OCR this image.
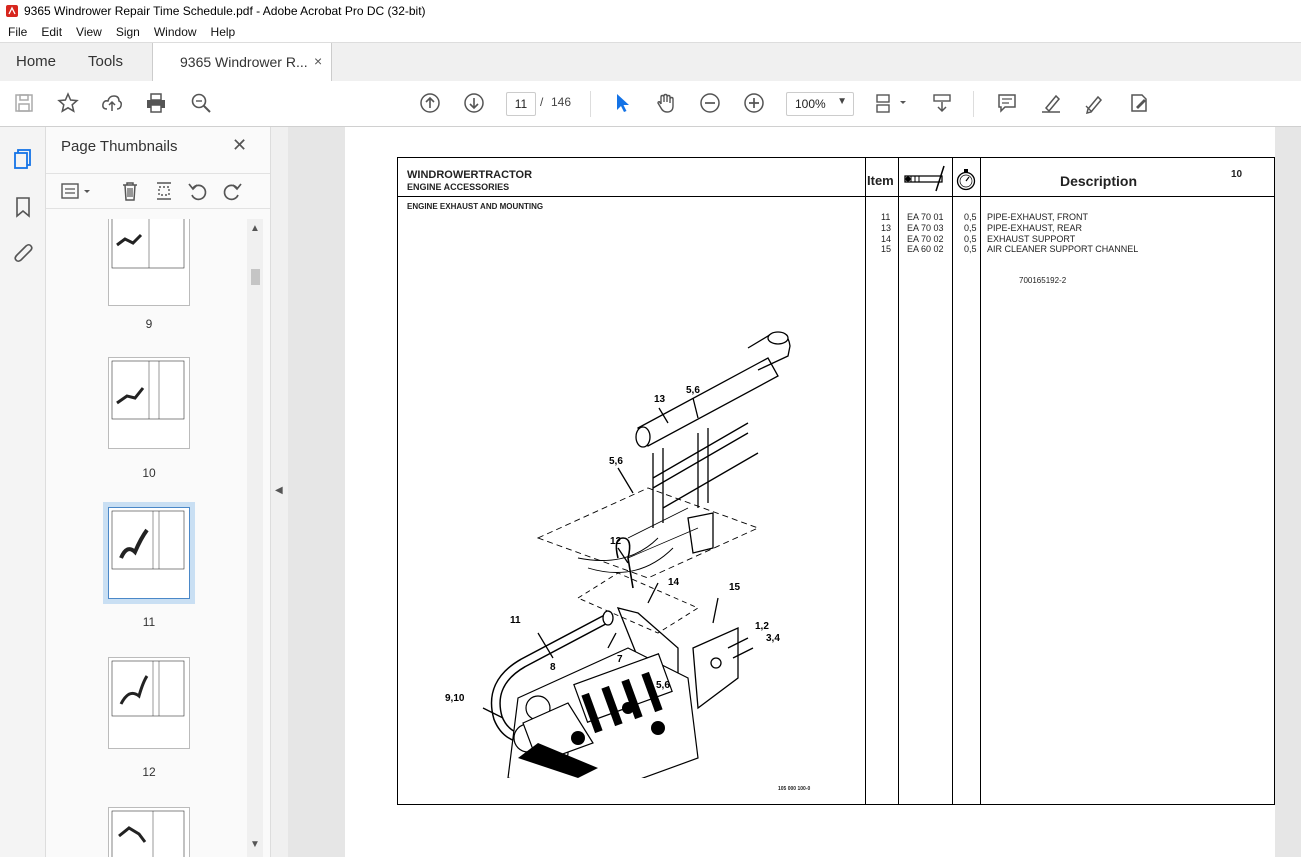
9365 Windrower Repair Time Schedule.pdf - Adobe Acrobat Pro DC (32-bit)
File	Edit	View	Sign	Window	Help
Home Tools	9365 Windrower R... ×
11	/ 146	100% ▼
Page Thumbnails	✕
9
10
11
12
▲
▼
◀
WINDROWERTRACTOR
ENGINE ACCESSORIES
ENGINE EXHAUST AND MOUNTING
Item	Description	10
11 EA 70 01 0,5 PIPE-EXHAUST, FRONT
13 EA 70 03 0,5 PIPE-EXHAUST, REAR
14 EA 70 02 0,5 EXHAUST SUPPORT
15 EA 60 02 0,5 AIR CLEANER SUPPORT CHANNEL
700165192-2
13
5,6
5,6
12
14	15
11
1,2
3,4
7
8
5,6
9,10
105 000 100-0
